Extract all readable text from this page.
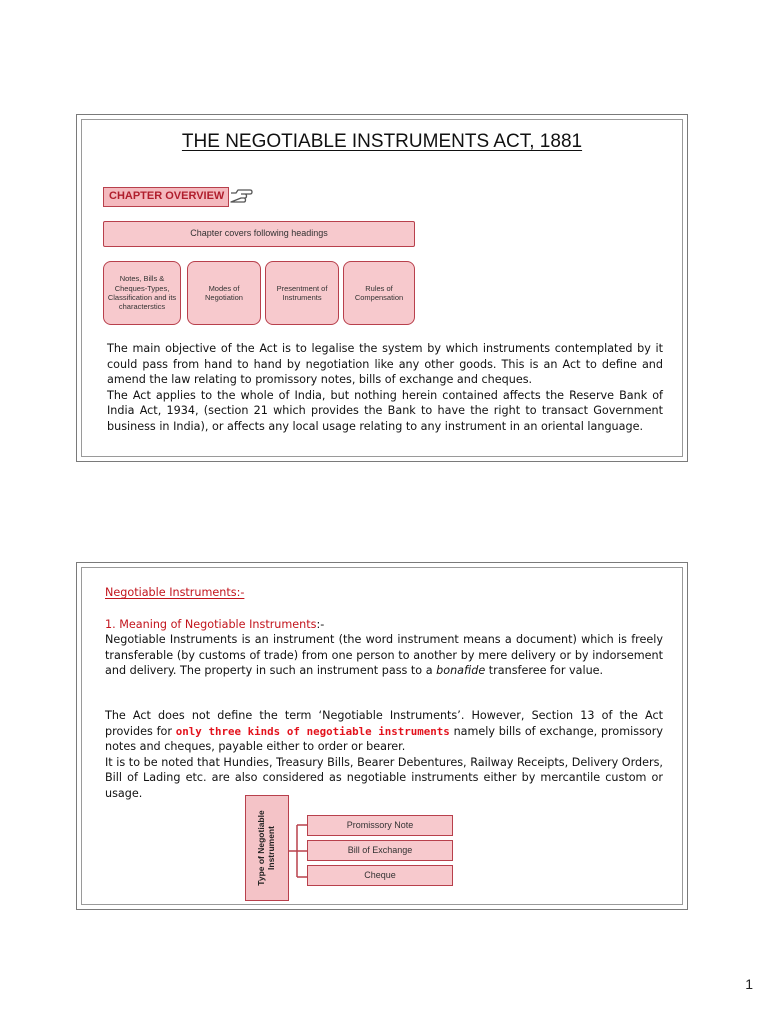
THE NEGOTIABLE INSTRUMENTS ACT, 1881
CHAPTER OVERVIEW
Chapter covers following headings
Notes, Bills & Cheques-Types, Classification and its characterstics
Modes of Negotiation
Presentment of Instruments
Rules of Compensation
The main objective of the Act is to legalise the system by which instruments contemplated by it could pass from hand to hand by negotiation like any other goods. This is an Act to define and amend the law relating to promissory notes, bills of exchange and cheques.
The Act applies to the whole of India, but nothing herein contained affects the Reserve Bank of India Act, 1934, (section 21 which provides the Bank to have the right to transact Government business in India), or affects any local usage relating to any instrument in an oriental language.
Negotiable Instruments:-
1. Meaning of Negotiable Instruments:-
Negotiable Instruments is an instrument (the word instrument means a document) which is freely transferable (by customs of trade) from one person to another by mere delivery or by indorsement and delivery. The property in such an instrument pass to a bonafide transferee for value.
The Act does not define the term ‘Negotiable Instruments’. However, Section 13 of the Act provides for only three kinds of negotiable instruments namely bills of exchange, promissory notes and cheques, payable either to order or bearer.
It is to be noted that Hundies, Treasury Bills, Bearer Debentures, Railway Receipts, Delivery Orders, Bill of Lading etc. are also considered as negotiable instruments either by mercantile custom or usage.
Type of Negotiable Instrument
Promissory Note
Bill of Exchange
Cheque
1
